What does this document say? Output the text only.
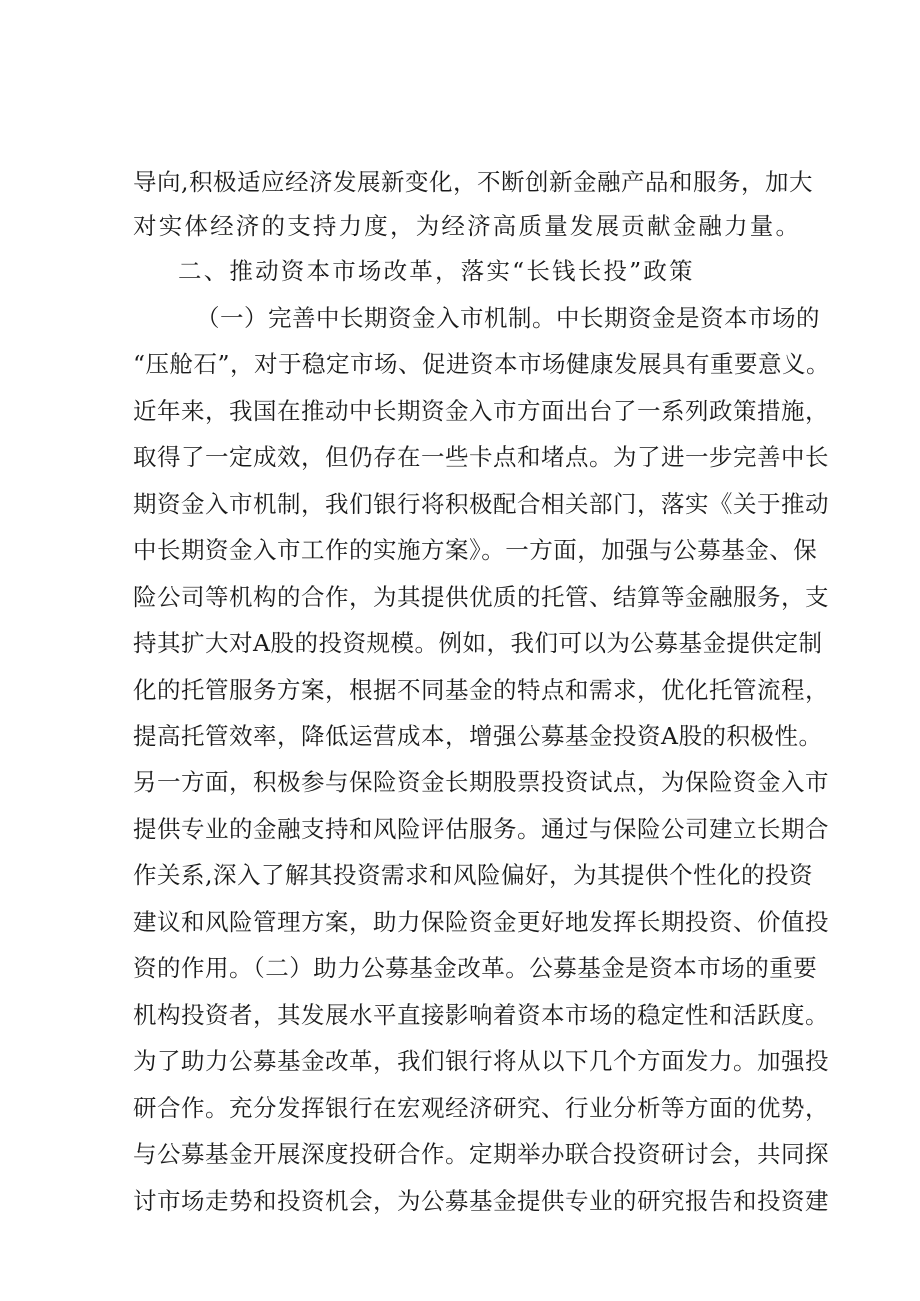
导向,积极适应经济发展新变化，不断创新金融产品和服务，加大
对实体经济的支持力度，为经济高质量发展贡献金融力量。
二、推动资本市场改革，落实“长钱长投”政策
（一）完善中长期资金入市机制。中长期资金是资本市场的
“压舱石”，对于稳定市场、促进资本市场健康发展具有重要意义。
近年来，我国在推动中长期资金入市方面出台了一系列政策措施，
取得了一定成效，但仍存在一些卡点和堵点。为了进一步完善中长
期资金入市机制，我们银行将积极配合相关部门，落实《关于推动
中长期资金入市工作的实施方案》。一方面，加强与公募基金、保
险公司等机构的合作，为其提供优质的托管、结算等金融服务，支
持其扩大对A股的投资规模。例如，我们可以为公募基金提供定制
化的托管服务方案，根据不同基金的特点和需求，优化托管流程，
提高托管效率，降低运营成本，增强公募基金投资A股的积极性。
另一方面，积极参与保险资金长期股票投资试点，为保险资金入市
提供专业的金融支持和风险评估服务。通过与保险公司建立长期合
作关系,深入了解其投资需求和风险偏好，为其提供个性化的投资
建议和风险管理方案，助力保险资金更好地发挥长期投资、价值投
资的作用。（二）助力公募基金改革。公募基金是资本市场的重要
机构投资者，其发展水平直接影响着资本市场的稳定性和活跃度。
为了助力公募基金改革，我们银行将从以下几个方面发力。加强投
研合作。充分发挥银行在宏观经济研究、行业分析等方面的优势，
与公募基金开展深度投研合作。定期举办联合投资研讨会，共同探
讨市场走势和投资机会，为公募基金提供专业的研究报告和投资建
